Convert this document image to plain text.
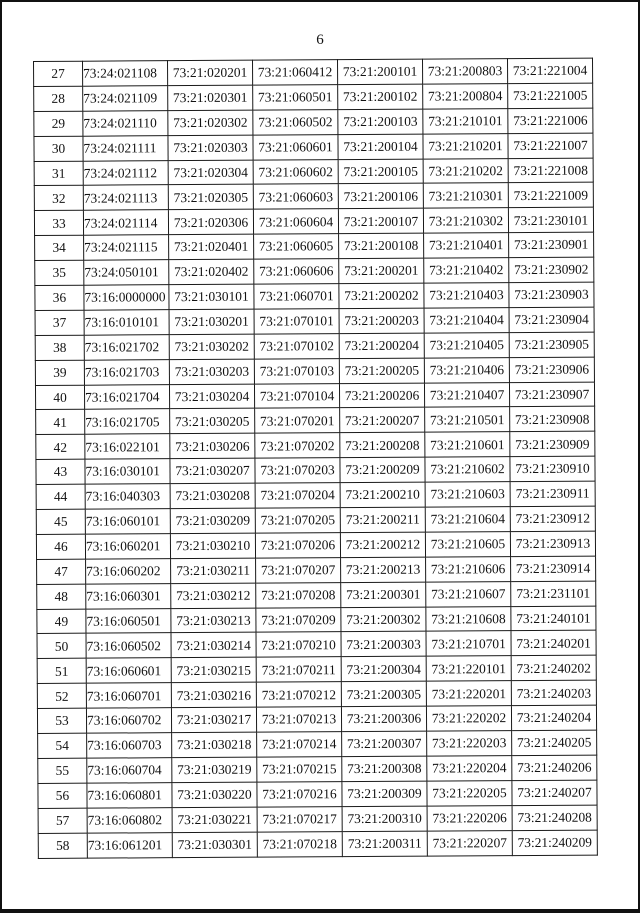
6
27	73:24:021108	73:21:020201	73:21:060412	73:21:200101	73:21:200803	73:21:221004
28	73:24:021109	73:21:020301	73:21:060501	73:21:200102	73:21:200804	73:21:221005
29	73:24:021110	73:21:020302	73:21:060502	73:21:200103	73:21:210101	73:21:221006
30	73:24:021111	73:21:020303	73:21:060601	73:21:200104	73:21:210201	73:21:221007
31	73:24:021112	73:21:020304	73:21:060602	73:21:200105	73:21:210202	73:21:221008
32	73:24:021113	73:21:020305	73:21:060603	73:21:200106	73:21:210301	73:21:221009
33	73:24:021114	73:21:020306	73:21:060604	73:21:200107	73:21:210302	73:21:230101
34	73:24:021115	73:21:020401	73:21:060605	73:21:200108	73:21:210401	73:21:230901
35	73:24:050101	73:21:020402	73:21:060606	73:21:200201	73:21:210402	73:21:230902
36	73:16:0000000	73:21:030101	73:21:060701	73:21:200202	73:21:210403	73:21:230903
37	73:16:010101	73:21:030201	73:21:070101	73:21:200203	73:21:210404	73:21:230904
38	73:16:021702	73:21:030202	73:21:070102	73:21:200204	73:21:210405	73:21:230905
39	73:16:021703	73:21:030203	73:21:070103	73:21:200205	73:21:210406	73:21:230906
40	73:16:021704	73:21:030204	73:21:070104	73:21:200206	73:21:210407	73:21:230907
41	73:16:021705	73:21:030205	73:21:070201	73:21:200207	73:21:210501	73:21:230908
42	73:16:022101	73:21:030206	73:21:070202	73:21:200208	73:21:210601	73:21:230909
43	73:16:030101	73:21:030207	73:21:070203	73:21:200209	73:21:210602	73:21:230910
44	73:16:040303	73:21:030208	73:21:070204	73:21:200210	73:21:210603	73:21:230911
45	73:16:060101	73:21:030209	73:21:070205	73:21:200211	73:21:210604	73:21:230912
46	73:16:060201	73:21:030210	73:21:070206	73:21:200212	73:21:210605	73:21:230913
47	73:16:060202	73:21:030211	73:21:070207	73:21:200213	73:21:210606	73:21:230914
48	73:16:060301	73:21:030212	73:21:070208	73:21:200301	73:21:210607	73:21:231101
49	73:16:060501	73:21:030213	73:21:070209	73:21:200302	73:21:210608	73:21:240101
50	73:16:060502	73:21:030214	73:21:070210	73:21:200303	73:21:210701	73:21:240201
51	73:16:060601	73:21:030215	73:21:070211	73:21:200304	73:21:220101	73:21:240202
52	73:16:060701	73:21:030216	73:21:070212	73:21:200305	73:21:220201	73:21:240203
53	73:16:060702	73:21:030217	73:21:070213	73:21:200306	73:21:220202	73:21:240204
54	73:16:060703	73:21:030218	73:21:070214	73:21:200307	73:21:220203	73:21:240205
55	73:16:060704	73:21:030219	73:21:070215	73:21:200308	73:21:220204	73:21:240206
56	73:16:060801	73:21:030220	73:21:070216	73:21:200309	73:21:220205	73:21:240207
57	73:16:060802	73:21:030221	73:21:070217	73:21:200310	73:21:220206	73:21:240208
58	73:16:061201	73:21:030301	73:21:070218	73:21:200311	73:21:220207	73:21:240209
